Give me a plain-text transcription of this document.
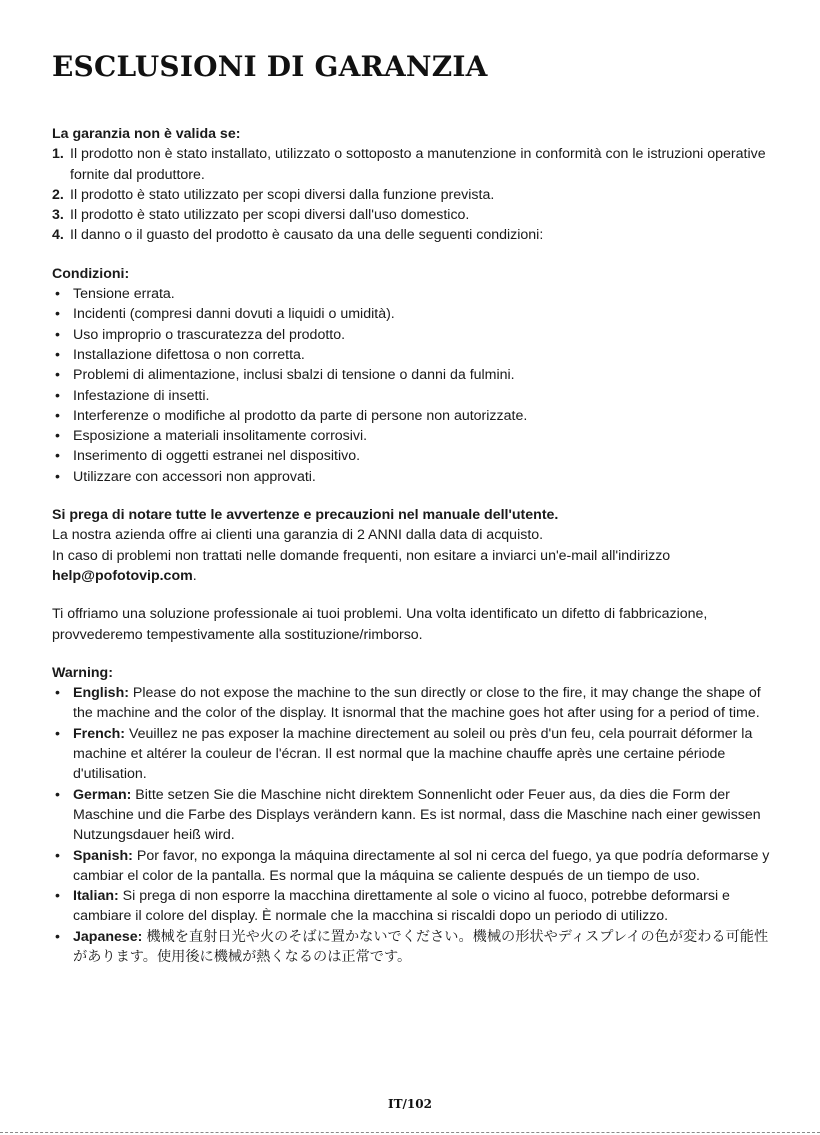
ESCLUSIONI DI GARANZIA
La garanzia non è valida se:
1. Il prodotto non è stato installato, utilizzato o sottoposto a manutenzione in conformità con le istruzioni operative fornite dal produttore.
2. Il prodotto è stato utilizzato per scopi diversi dalla funzione prevista.
3. Il prodotto è stato utilizzato per scopi diversi dall'uso domestico.
4. Il danno o il guasto del prodotto è causato da una delle seguenti condizioni:
Condizioni:
• Tensione errata.
• Incidenti (compresi danni dovuti a liquidi o umidità).
• Uso improprio o trascuratezza del prodotto.
• Installazione difettosa o non corretta.
• Problemi di alimentazione, inclusi sbalzi di tensione o danni da fulmini.
• Infestazione di insetti.
• Interferenze o modifiche al prodotto da parte di persone non autorizzate.
• Esposizione a materiali insolitamente corrosivi.
• Inserimento di oggetti estranei nel dispositivo.
• Utilizzare con accessori non approvati.
Si prega di notare tutte le avvertenze e precauzioni nel manuale dell'utente.
La nostra azienda offre ai clienti una garanzia di 2 ANNI dalla data di acquisto.
In caso di problemi non trattati nelle domande frequenti, non esitare a inviarci un'e-mail all'indirizzo help@pofotovip.com.
Ti offriamo una soluzione professionale ai tuoi problemi. Una volta identificato un difetto di fabbricazione, provvederemo tempestivamente alla sostituzione/rimborso.
Warning:
• English: Please do not expose the machine to the sun directly or close to the fire, it may change the shape of the machine and the color of the display. It isnormal that the machine goes hot after using for a period of time.
• French: Veuillez ne pas exposer la machine directement au soleil ou près d'un feu, cela pourrait déformer la machine et altérer la couleur de l'écran. Il est normal que la machine chauffe après une certaine période d'utilisation.
• German: Bitte setzen Sie die Maschine nicht direktem Sonnenlicht oder Feuer aus, da dies die Form der Maschine und die Farbe des Displays verändern kann. Es ist normal, dass die Maschine nach einer gewissen Nutzungsdauer heiß wird.
• Spanish: Por favor, no exponga la máquina directamente al sol ni cerca del fuego, ya que podría deformarse y cambiar el color de la pantalla. Es normal que la máquina se caliente después de un tiempo de uso.
• Italian: Si prega di non esporre la macchina direttamente al sole o vicino al fuoco, potrebbe deformarsi e cambiare il colore del display. È normale che la macchina si riscaldi dopo un periodo di utilizzo.
• Japanese: 機械を直射日光や火のそばに置かないでください。機械の形状やディスプレイの色が変わる可能性があります。使用後に機械が熱くなるのは正常です。
IT/102
